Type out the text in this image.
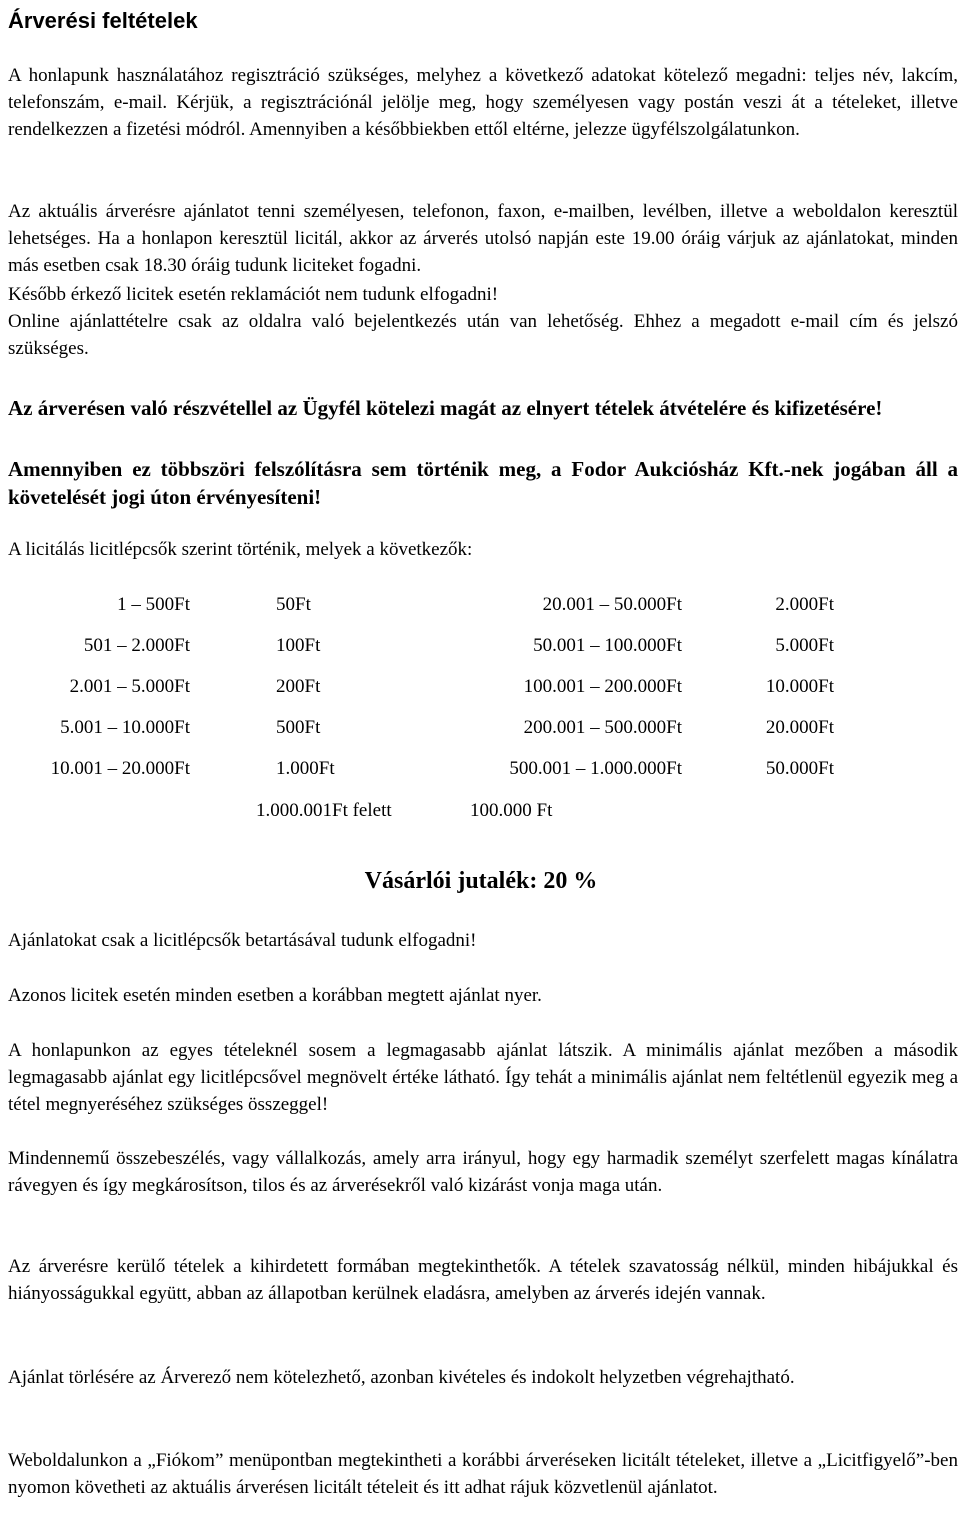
Árverési feltételek

A honlapunk használatához regisztráció szükséges, melyhez a következő adatokat kötelező megadni: teljes név, lakcím, telefonszám, e-mail. Kérjük, a regisztrációnál jelölje meg, hogy személyesen vagy postán veszi át a tételeket, illetve rendelkezzen a fizetési módról. Amennyiben a későbbiekben ettől eltérne, jelezze ügyfélszolgálatunkon.

Az aktuális árverésre ajánlatot tenni személyesen, telefonon, faxon, e-mailben, levélben, illetve a weboldalon keresztül lehetséges. Ha a honlapon keresztül licitál, akkor az árverés utolsó napján este 19.00 óráig várjuk az ajánlatokat, minden más esetben csak 18.30 óráig tudunk liciteket fogadni.

Később érkező licitek esetén reklamációt nem tudunk elfogadni!

Online ajánlattételre csak az oldalra való bejelentkezés után van lehetőség. Ehhez a megadott e-mail cím és jelszó szükséges.

Az árverésen való részvétellel az Ügyfél kötelezi magát az elnyert tételek átvételére és kifizetésére!

Amennyiben ez többszöri felszólításra sem történik meg, a Fodor Aukciósház Kft.-nek jogában áll a követelését jogi úton érvényesíteni!

A licitálás licitlépcsők szerint történik, melyek a következők:

1 – 500Ft	50Ft	20.001 – 50.000Ft	2.000Ft
501 – 2.000Ft	100Ft	50.001 – 100.000Ft	5.000Ft
2.001 – 5.000Ft	200Ft	100.001 – 200.000Ft	10.000Ft
5.001 – 10.000Ft	500Ft	200.001 – 500.000Ft	20.000Ft
10.001 – 20.000Ft	1.000Ft	500.001 – 1.000.000Ft	50.000Ft
1.000.001Ft felett	100.000 Ft

Ajánlatokat csak a licitlépcsők betartásával tudunk elfogadni!

Azonos licitek esetén minden esetben a korábban megtett ajánlat nyer.

A honlapunkon az egyes tételeknél sosem a legmagasabb ajánlat látszik. A minimális ajánlat mezőben a második legmagasabb ajánlat egy licitlépcsővel megnövelt értéke látható. Így tehát a minimális ajánlat nem feltétlenül egyezik meg a tétel megnyeréséhez szükséges összeggel!

Mindennemű összebeszélés, vagy vállalkozás, amely arra irányul, hogy egy harmadik személyt szerfelett magas kínálatra rávegyen és így megkárosítson, tilos és az árverésekről való kizárást vonja maga után.

Az árverésre kerülő tételek a kihirdetett formában megtekinthetők. A tételek szavatosság nélkül, minden hibájukkal és hiányosságukkal együtt, abban az állapotban kerülnek eladásra, amelyben az árverés idején vannak.

Ajánlat törlésére az Árverező nem kötelezhető, azonban kivételes és indokolt helyzetben végrehajtható.

Weboldalunkon a „Fiókom” menüpontban megtekintheti a korábbi árveréseken licitált tételeket, illetve a „Licitfigyelő”-ben nyomon követheti az aktuális árverésen licitált tételeit és itt adhat rájuk közvetlenül ajánlatot.

Vásárlói jutalék: 20 %
